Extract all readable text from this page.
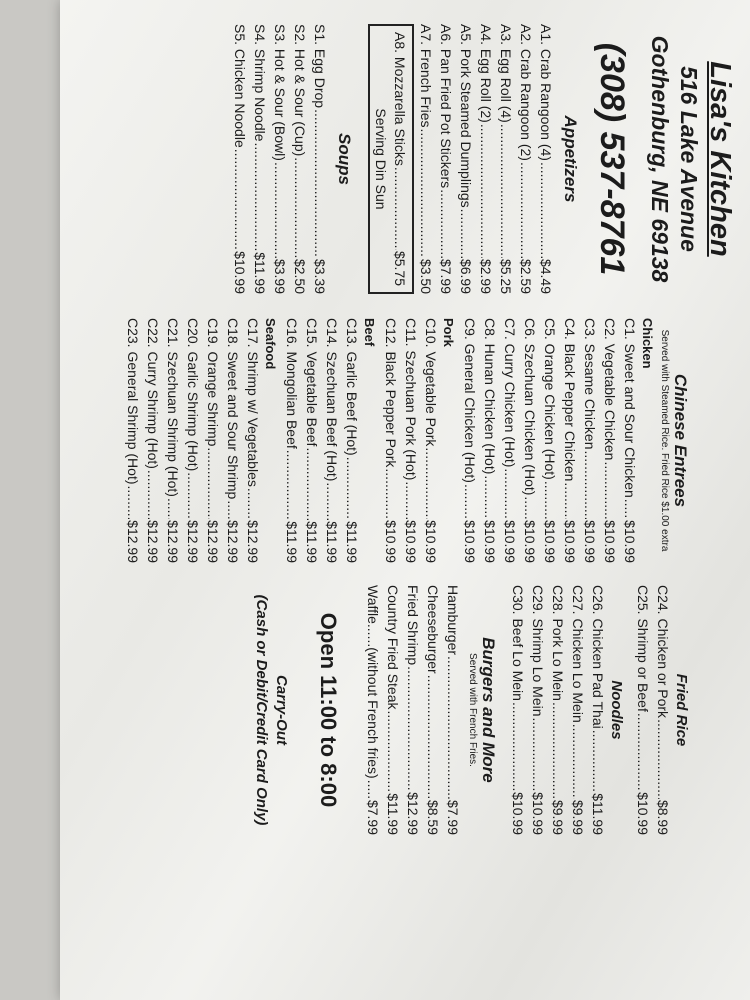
Lisa's Kitchen
516 Lake Avenue
Gothenburg, NE 69138
(308) 537-8761
Appetizers
A1. Crab Rangoon (4)
.....
$4.49
A2. Crab Rangoon (2)
.....
$2.59
A3. Egg Roll (4)
.....
$5.25
A4. Egg Roll (2)
.....
$2.99
A5. Pork Steamed Dumplings
.....
$6.99
A6. Pan Fried Pot Stickers
.....
$7.99
A7. French Fries
.....
$3.50
A8. Mozzarella Sticks
.....
$5.75
Serving Din Sun
Soups
S1. Egg Drop
.....
$3.39
S2. Hot & Sour (Cup)
.....
$2.50
S3. Hot & Sour (Bowl)
.....
$3.99
S4. Shrimp Noodle
.....
$11.99
S5. Chicken Noodle
.....
$10.99
Chinese Entrees
Served with Steamed Rice. Fried Rice $1.00 extra
Chicken
C1. Sweet and Sour Chicken
.....
$10.99
C2. Vegetable Chicken
.....
$10.99
C3. Sesame Chicken
.....
$10.99
C4. Black Pepper Chicken
.....
$10.99
C5. Orange Chicken (Hot)
.....
$10.99
C6. Szechuan Chicken (Hot)
.....
$10.99
C7. Curry Chicken (Hot)
.....
$10.99
C8. Hunan Chicken (Hot)
.....
$10.99
C9. General Chicken (Hot)
.....
$10.99
Pork
C10. Vegetable Pork
.....
$10.99
C11. Szechuan Pork (Hot)
.....
$10.99
C12. Black Pepper Pork
.....
$10.99
Beef
C13. Garlic Beef (Hot)
.....
$11.99
C14. Szechuan Beef (Hot)
.....
$11.99
C15. Vegetable Beef
.....
$11.99
C16. Mongolian Beef
.....
$11.99
Seafood
C17. Shrimp w/ Vegetables
.....
$12.99
C18. Sweet and Sour Shrimp
.....
$12.99
C19. Orange Shrimp
.....
$12.99
C20. Garlic Shrimp (Hot)
.....
$12.99
C21. Szechuan Shrimp (Hot)
.....
$12.99
C22. Curry Shrimp (Hot)
.....
$12.99
C23. General Shrimp (Hot)
.....
$12.99
Fried Rice
C24. Chicken or Pork
.....
$8.99
C25. Shrimp or Beef
.....
$10.99
Noodles
C26. Chicken Pad Thai
.....
$11.99
C27. Chicken Lo Mein
.....
$9.99
C28. Pork Lo Mein
.....
$9.99
C29. Shrimp Lo Mein
.....
$10.99
C30. Beef Lo Mein
.....
$10.99
Burgers and More
Served with French Fries.
Hamburger
.....
$7.99
Cheeseburger
.....
$8.59
Fried Shrimp
.....
$12.99
Country Fried Steak
.....
$11.99
Waffle......(without French fries)
.....
$7.99
Open 11:00 to 8:00
Carry-Out
(Cash or Debit/Credit Card Only)
